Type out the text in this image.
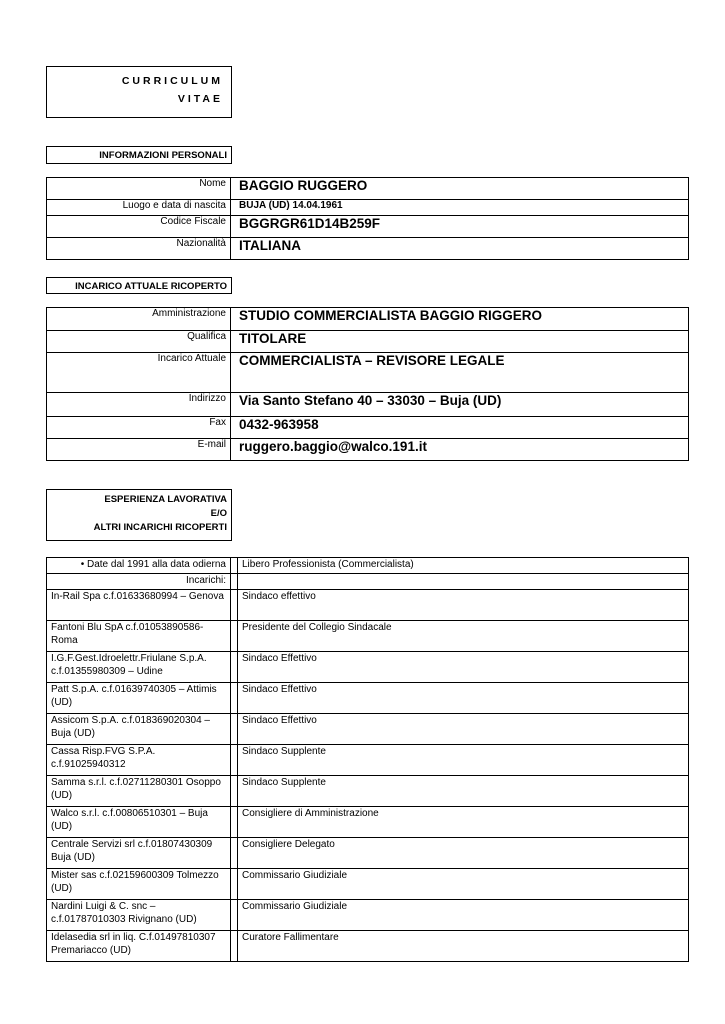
CURRICULUM
VITAE
INFORMAZIONI PERSONALI
Nome	BAGGIO RUGGERO
Luogo e data di nascita	BUJA (UD) 14.04.1961
Codice Fiscale	BGGRGR61D14B259F
Nazionalità	ITALIANA
INCARICO ATTUALE RICOPERTO
Amministrazione	STUDIO COMMERCIALISTA BAGGIO RIGGERO
Qualifica	TITOLARE
Incarico Attuale	COMMERCIALISTA – REVISORE LEGALE
Indirizzo	Via Santo Stefano 40 – 33030 – Buja (UD)
Fax	0432-963958
E-mail	ruggero.baggio@walco.191.it
ESPERIENZA LAVORATIVA
E/O
ALTRI INCARICHI RICOPERTI
• Date dal 1991 alla data odierna		Libero Professionista (Commercialista)
Incarichi:		
In-Rail Spa c.f.01633680994 – Genova		Sindaco effettivo
Fantoni Blu SpA c.f.01053890586- Roma		Presidente del Collegio Sindacale
I.G.F.Gest.Idroelettr.Friulane S.p.A. c.f.01355980309 – Udine		Sindaco Effettivo
Patt S.p.A. c.f.01639740305 – Attimis (UD)		Sindaco Effettivo
Assicom S.p.A. c.f.018369020304 – Buja (UD)		Sindaco Effettivo
Cassa Risp.FVG S.P.A. c.f.91025940312		Sindaco Supplente
Samma s.r.l. c.f.02711280301 Osoppo (UD)		Sindaco Supplente
Walco s.r.l. c.f.00806510301 – Buja (UD)		Consigliere di Amministrazione
Centrale Servizi srl c.f.01807430309 Buja (UD)		Consigliere Delegato
Mister sas c.f.02159600309 Tolmezzo (UD)		Commissario Giudiziale
Nardini Luigi & C. snc – c.f.01787010303 Rivignano (UD)		Commissario Giudiziale
Idelasedia srl in liq. C.f.01497810307 Premariacco (UD)		Curatore Fallimentare
